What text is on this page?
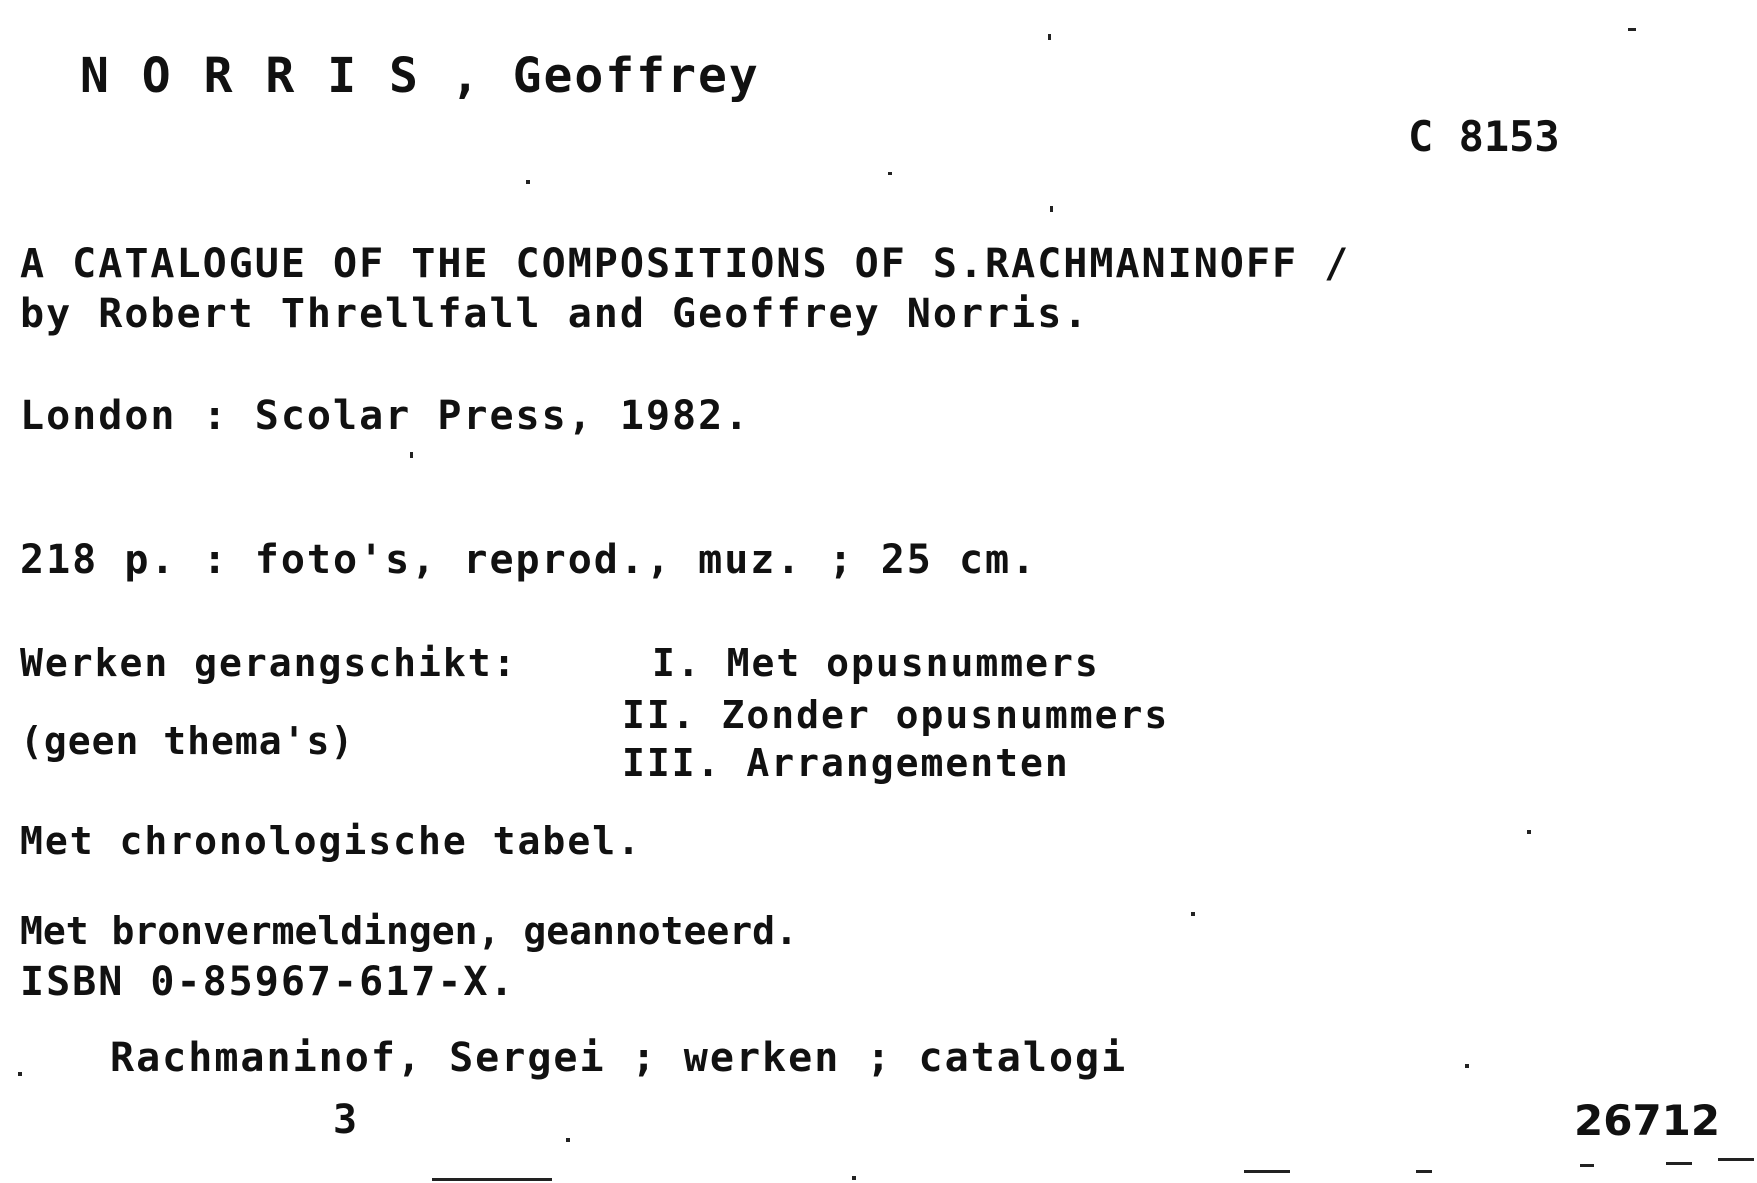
N O R R I S , Geoffrey
C 8153
A CATALOGUE OF THE COMPOSITIONS OF S.RACHMANINOFF /
by Robert Threllfall and Geoffrey Norris.
London : Scolar Press, 1982.
218 p. : foto's, reprod., muz. ; 25 cm.
Werken gerangschikt:	I. Met opusnummers
II. Zonder opusnummers
III. Arrangementen
(geen thema's)
Met chronologische tabel.
Met bronvermeldingen, geannoteerd.
ISBN 0-85967-617-X.
Rachmaninof, Sergei ; werken ; catalogi
3	26712
